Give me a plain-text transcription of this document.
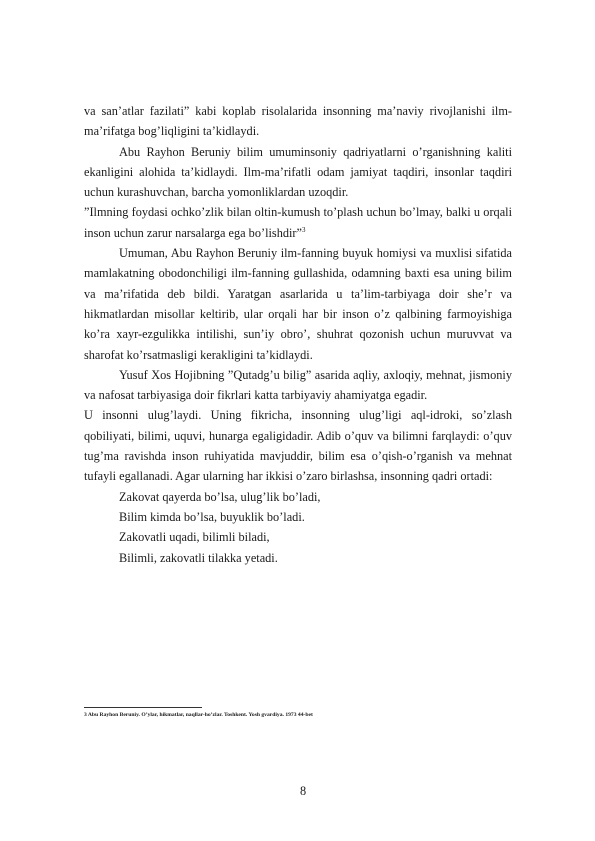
va san’atlar fazilati” kabi koplab risolalarida insonning ma’naviy rivojlanishi ilm-ma’rifatga bog’liqligini ta’kidlaydi.

Abu Rayhon Beruniy bilim umuminsoniy qadriyatlarni o’rganishning kaliti ekanligini alohida ta’kidlaydi. Ilm-ma’rifatli odam jamiyat taqdiri, insonlar taqdiri uchun kurashuvchan, barcha yomonliklardan uzoqdir.

”Ilmning foydasi ochko’zlik bilan oltin-kumush to’plash uchun bo’lmay, balki u orqali inson uchun zarur narsalarga ega bo’lishdir”$^3$

Umuman, Abu Rayhon Beruniy ilm-fanning buyuk homiysi va muxlisi sifatida mamlakatning obodonchiligi ilm-fanning gullashida, odamning baxti esa uning bilim va ma’rifatida deb bildi. Yaratgan asarlarida u ta’lim-tarbiyaga doir she’r va hikmatlardan misollar keltirib, ular orqali har bir inson o’z qalbining farmoyishiga ko’ra xayr-ezgulikka intilishi, sun’iy obro’, shuhrat qozonish uchun muruvvat va sharofat ko’rsatmasligi kerakligini ta’kidlaydi.

Yusuf Xos Hojibning ”Qutadg’u bilig” asarida aqliy, axloqiy, mehnat, jismoniy va nafosat tarbiyasiga doir fikrlari katta tarbiyaviy ahamiyatga egadir.

U insonni ulug’laydi. Uning fikricha, insonning ulug’ligi aql-idroki, so’zlash qobiliyati, bilimi, uquvi, hunarga egaligidadir. Adib o’quv va bilimni farqlaydi: o’quv tug’ma ravishda inson ruhiyatida mavjuddir, bilim esa o’qish-o’rganish va mehnat tufayli egallanadi. Agar ularning har ikkisi o’zaro birlashsa, insonning qadri ortadi:

Zakovat qayerda bo’lsa, ulug’lik bo’ladi,

Bilim kimda bo’lsa, buyuklik bo’ladi.

Zakovatli uqadi, bilimli biladi,

Bilimli, zakovatli tilakka yetadi.

3 Abu Rayhon Beruniy. O’ylar, hikmatlar, naqllar-ho’zlar. Toshkent. Yosh gvardiya. 1973 44-bet
8
